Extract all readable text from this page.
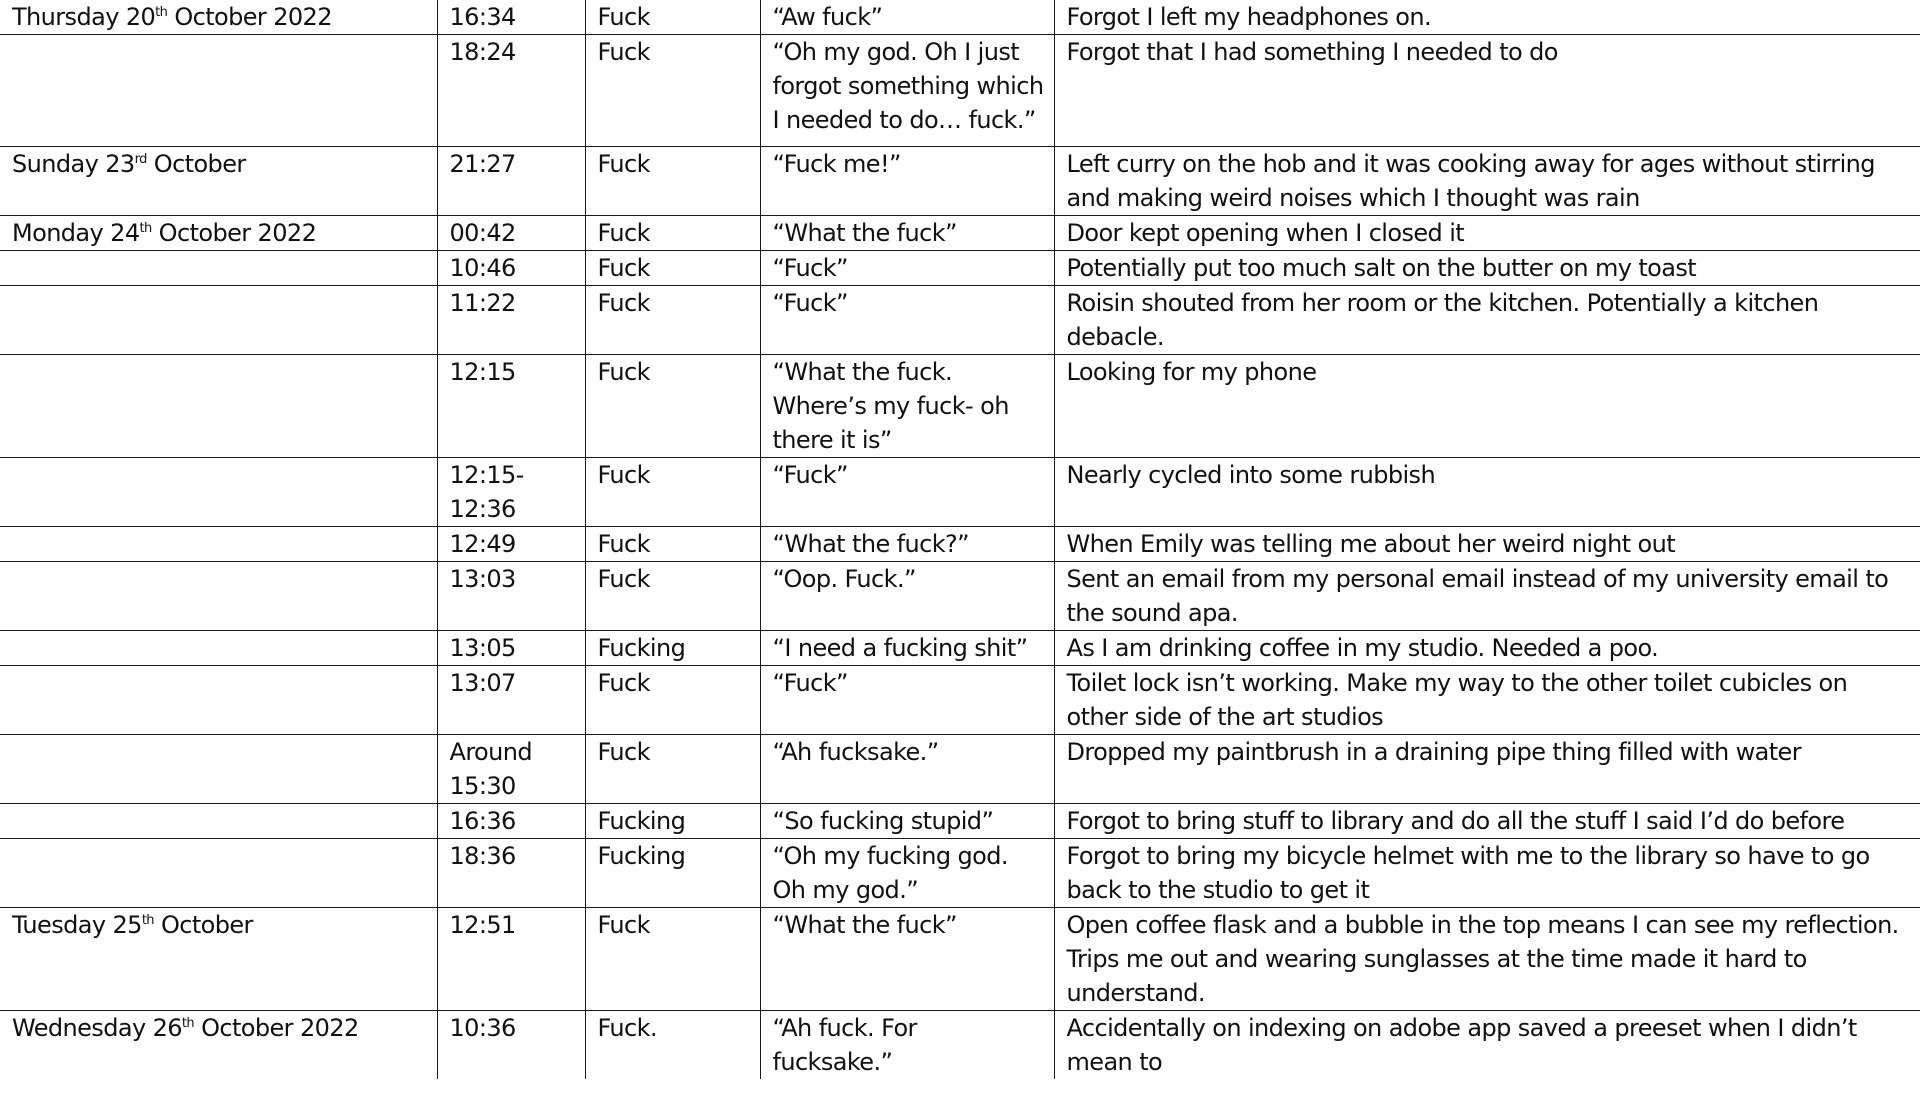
Thursday 20th October 2022	16:34	Fuck	“Aw fuck”	Forgot I left my headphones on.
	18:24	Fuck	“Oh my god. Oh I just forgot something which I needed to do… fuck.”	Forgot that I had something I needed to do
Sunday 23rd October	21:27	Fuck	“Fuck me!”	Left curry on the hob and it was cooking away for ages without stirring and making weird noises which I thought was rain
Monday 24th October 2022	00:42	Fuck	“What the fuck”	Door kept opening when I closed it
	10:46	Fuck	“Fuck”	Potentially put too much salt on the butter on my toast
	11:22	Fuck	“Fuck”	Roisin shouted from her room or the kitchen. Potentially a kitchen debacle.
	12:15	Fuck	“What the fuck. Where’s my fuck- oh there it is”	Looking for my phone
	12:15-12:36	Fuck	“Fuck”	Nearly cycled into some rubbish
	12:49	Fuck	“What the fuck?”	When Emily was telling me about her weird night out
	13:03	Fuck	“Oop. Fuck.”	Sent an email from my personal email instead of my university email to the sound apa.
	13:05	Fucking	“I need a fucking shit”	As I am drinking coffee in my studio. Needed a poo.
	13:07	Fuck	“Fuck”	Toilet lock isn’t working. Make my way to the other toilet cubicles on other side of the art studios
	Around 15:30	Fuck	“Ah fucksake.”	Dropped my paintbrush in a draining pipe thing filled with water
	16:36	Fucking	“So fucking stupid”	Forgot to bring stuff to library and do all the stuff I said I’d do before
	18:36	Fucking	“Oh my fucking god. Oh my god.”	Forgot to bring my bicycle helmet with me to the library so have to go back to the studio to get it
Tuesday 25th October	12:51	Fuck	“What the fuck”	Open coffee flask and a bubble in the top means I can see my reflection. Trips me out and wearing sunglasses at the time made it hard to understand.
Wednesday 26th October 2022	10:36	Fuck.	“Ah fuck. For fucksake.”	Accidentally on indexing on adobe app saved a preeset when I didn’t mean to
